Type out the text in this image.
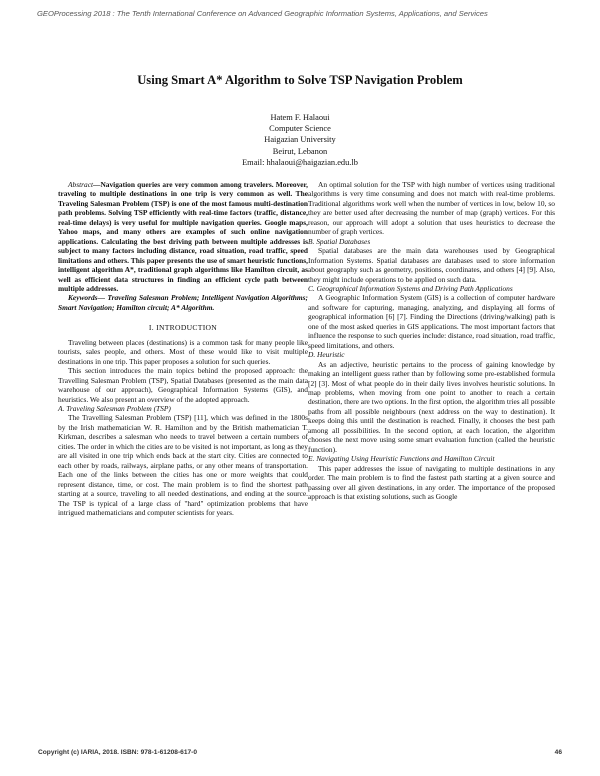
GEOProcessing 2018 : The Tenth International Conference on Advanced Geographic Information Systems, Applications, and Services
Using Smart A* Algorithm to Solve TSP Navigation Problem
Hatem F. Halaoui
Computer Science
Haigazian University
Beirut, Lebanon
Email: hhalaoui@haigazian.edu.lb

Abstract—Navigation queries are very common among travelers. Moreover, traveling to multiple destinations in one trip is very common as well. The Traveling Salesman Problem (TSP) is one of the most famous multi-destination path problems. Solving TSP efficiently with real-time factors (traffic, distance, real-time delays) is very useful for multiple navigation queries. Google maps, Yahoo maps, and many others are examples of such online navigation applications. Calculating the best driving path between multiple addresses is subject to many factors including distance, road situation, road traffic, speed limitations and others. This paper presents the use of smart heuristic functions, intelligent algorithm A*, traditional graph algorithms like Hamilton circuit, as well as efficient data structures in finding an efficient cycle path between multiple addresses.

Keywords— Traveling Salesman Problem; Intelligent Navigation Algorithms; Smart Navigation; Hamilton circuit; A* Algorithm.

I. INTRODUCTION

Traveling between places (destinations) is a common task for many people like tourists, sales people, and others. Most of these would like to visit multiple destinations in one trip. This paper proposes a solution for such queries.

This section introduces the main topics behind the proposed approach: the Travelling Salesman Problem (TSP), Spatial Databases (presented as the main data warehouse of our approach), Geographical Information Systems (GIS), and heuristics. We also present an overview of the adopted approach.

A. Traveling Salesman Problem (TSP)

The Travelling Salesman Problem (TSP) [11], which was defined in the 1800s by the Irish mathematician W. R. Hamilton and by the British mathematician T. Kirkman, describes a salesman who needs to travel between a certain numbers of cities. The order in which the cities are to be visited is not important, as long as they are all visited in one trip which ends back at the start city. Cities are connected to each other by roads, railways, airplane paths, or any other means of transportation. Each one of the links between the cities has one or more weights that could represent distance, time, or cost. The main problem is to find the shortest path starting at a source, traveling to all needed destinations, and ending at the source. The TSP is typical of a large class of "hard" optimization problems that have intrigued mathematicians and computer scientists for years.

An optimal solution for the TSP with high number of vertices using traditional algorithms is very time consuming and does not match with real-time problems. Traditional algorithms work well when the number of vertices in low, below 10, so they are better used after decreasing the number of map (graph) vertices. For this reason, our approach will adopt a solution that uses heuristics to decrease the number of graph vertices.

B. Spatial Databases

Spatial databases are the main data warehouses used by Geographical Information Systems. Spatial databases are databases used to store information about geography such as geometry, positions, coordinates, and others [4] [9]. Also, they might include operations to be applied on such data.

C. Geographical Information Systems and Driving Path Applications

A Geographic Information System (GIS) is a collection of computer hardware and software for capturing, managing, analyzing, and displaying all forms of geographical information [6] [7]. Finding the Directions (driving/walking) path is one of the most asked queries in GIS applications. The most important factors that influence the response to such queries include: distance, road situation, road traffic, speed limitations, and others.

D. Heuristic

As an adjective, heuristic pertains to the process of gaining knowledge by making an intelligent guess rather than by following some pre-established formula [2] [3]. Most of what people do in their daily lives involves heuristic solutions. In map problems, when moving from one point to another to reach a certain destination, there are two options. In the first option, the algorithm tries all possible paths from all possible neighbours (next address on the way to destination). It keeps doing this until the destination is reached. Finally, it chooses the best path among all possibilities. In the second option, at each location, the algorithm chooses the next move using some smart evaluation function (called the heuristic function).

E. Navigating Using Heuristic Functions and Hamilton Circuit

This paper addresses the issue of navigating to multiple destinations in any order. The main problem is to find the fastest path starting at a given source and passing over all given destinations, in any order. The importance of the proposed approach is that existing solutions, such as Google

Copyright (c) IARIA, 2018. ISBN: 978-1-61208-617-0	46
